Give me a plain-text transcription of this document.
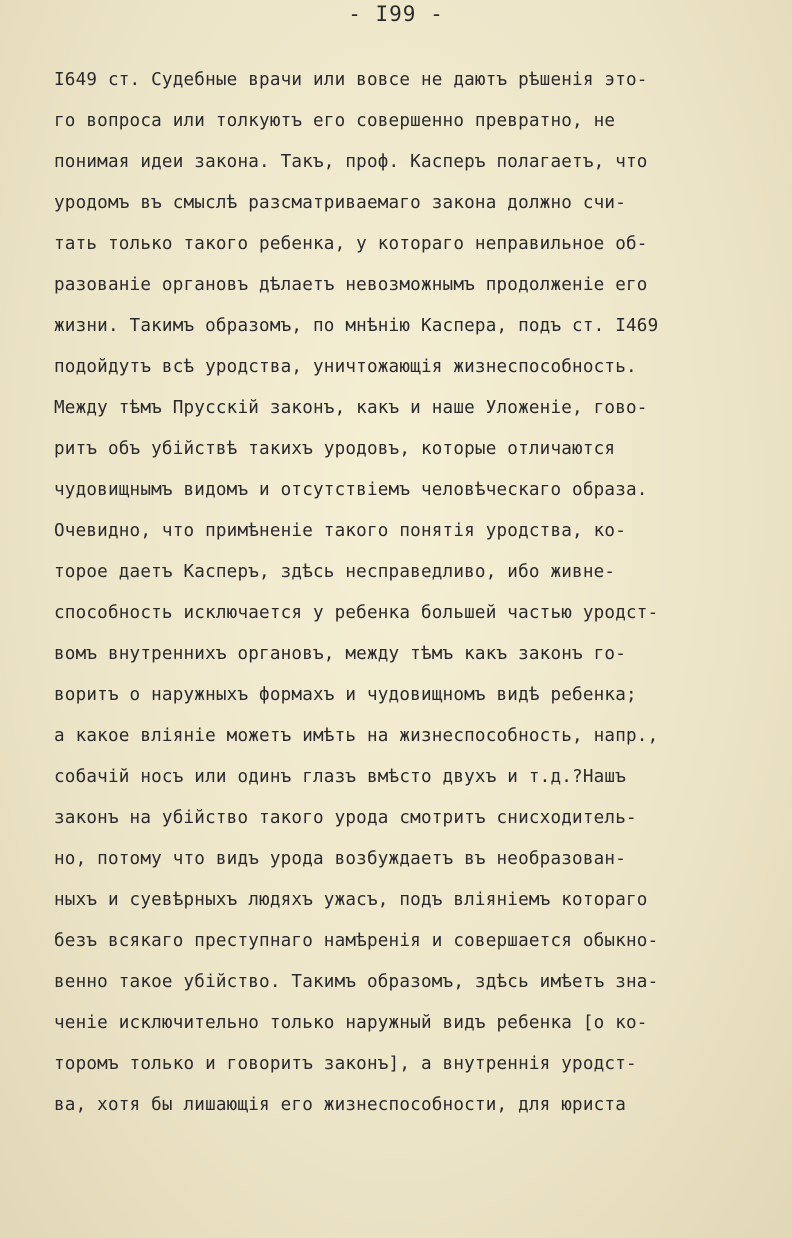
- I99 -
I649 ст. Судебные врачи или вовсе не даютъ рѣшенія это-
го вопроса или толкуютъ его совершенно превратно, не
понимая идеи закона. Такъ, проф. Касперъ полагаетъ, что
уродомъ въ смыслѣ разсматриваемаго закона должно счи-
тать только такого ребенка, у котораго неправильное об-
разованіе органовъ дѣлаетъ невозможнымъ продолженіе его
жизни. Такимъ образомъ, по мнѣнію Каспера, подъ ст. I469
подойдутъ всѣ уродства, уничтожающія жизнеспособность.
Между тѣмъ Прусскій законъ, какъ и наше Уложеніе, гово-
ритъ объ убійствѣ такихъ уродовъ, которые отличаются
чудовищнымъ видомъ и отсутствіемъ человѣческаго образа.
Очевидно, что примѣненіе такого понятія уродства, ко-
торое даетъ Касперъ, здѣсь несправедливо, ибо живне-
способность исключается у ребенка большей частью уродст-
вомъ внутреннихъ органовъ, между тѣмъ какъ законъ го-
воритъ о наружныхъ формахъ и чудовищномъ видѣ ребенка;
а какое вліяніе можетъ имѣть на жизнеспособность, напр.,
собачій носъ или одинъ глазъ вмѣсто двухъ и т.д.?Нашъ
законъ на убійство такого урода смотритъ снисходитель-
но, потому что видъ урода возбуждаетъ въ необразован-
ныхъ и суевѣрныхъ людяхъ ужасъ, подъ вліяніемъ котораго
безъ всякаго преступнаго намѣренія и совершается обыкно-
венно такое убійство. Такимъ образомъ, здѣсь имѣетъ зна-
ченіе исключительно только наружный видъ ребенка [о ко-
торомъ только и говоритъ законъ], а внутреннія уродст-
ва, хотя бы лишающія его жизнеспособности, для юриста
